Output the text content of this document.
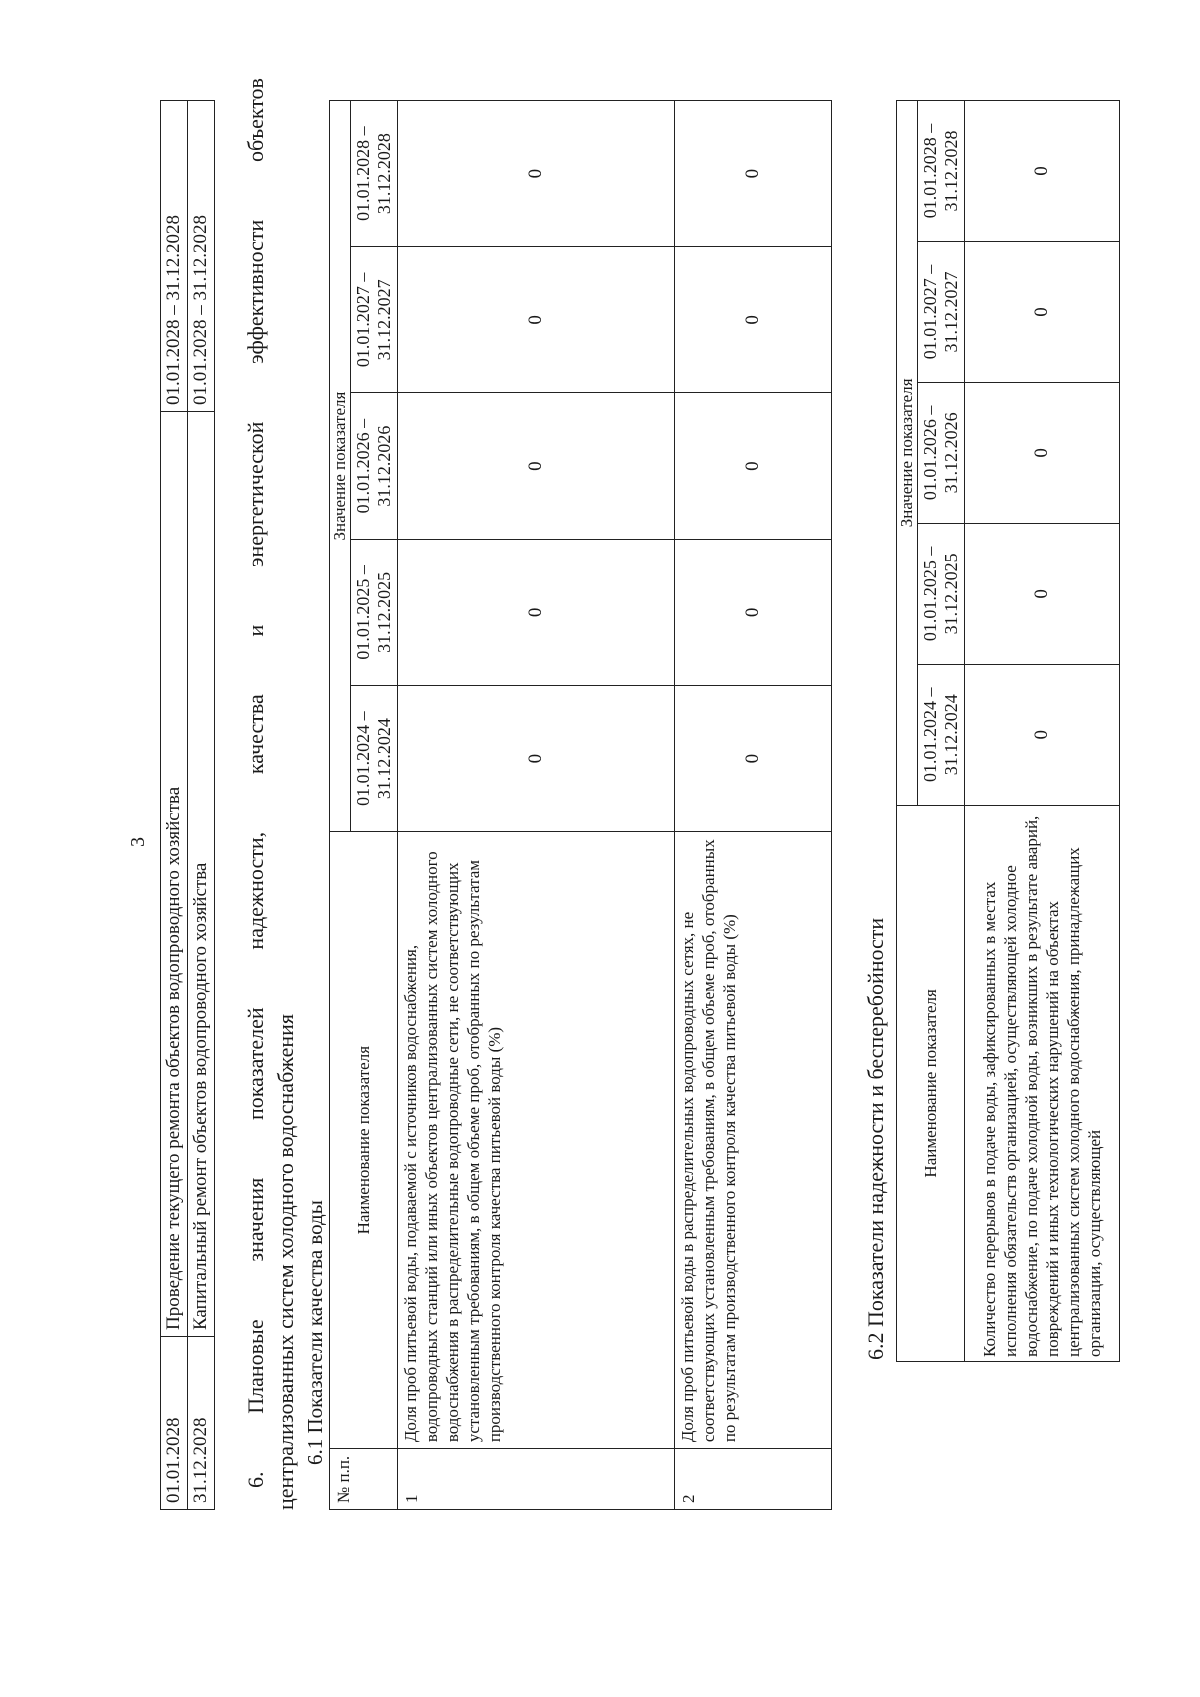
3
01.01.2028	Проведение текущего ремонта объектов водопроводного хозяйства	01.01.2028 – 31.12.2028
31.12.2028	Капитальный ремонт объектов водопроводного хозяйства	01.01.2028 – 31.12.2028
6.
Плановые
значения
показателей
надежности,
качества
и
энергетической
эффективности
объектов
централизованных систем холодного водоснабжения 6.1 Показатели качества воды
№ п.п.	Наименование показателя	Значение показателя				
		01.01.2024 – 31.12.2024	01.01.2025 – 31.12.2025	01.01.2026 – 31.12.2026	01.01.2027 – 31.12.2027	01.01.2028 – 31.12.2028
1	Доля проб питьевой воды, подаваемой с источников водоснабжения, водопроводных станций или иных объектов централизованных систем холодного водоснабжения в распределительные водопроводные сети, не соответствующих установленным требованиям, в общем объеме проб, отобранных по результатам производственного контроля качества питьевой воды (%)	0	0	0	0	0
2	Доля проб питьевой воды в распределительных водопроводных сетях, не соответствующих установленным требованиям, в общем объеме проб, отобранных по результатам производственного контроля качества питьевой воды (%)	0	0	0	0	0
6.2 Показатели надежности и бесперебойности Наименование показателя	Значение показателя				
	01.01.2024 – 31.12.2024	01.01.2025 – 31.12.2025	01.01.2026 – 31.12.2026	01.01.2027 – 31.12.2027	01.01.2028 – 31.12.2028
Количество перерывов в подаче воды, зафиксированных в местах исполнения обязательств организацией, осуществляющей холодное водоснабжение, по подаче холодной воды, возникших в результате аварий, повреждений и иных технологических нарушений на объектах централизованных систем холодного водоснабжения, принадлежащих организации, осуществляющей	0	0	0	0	0
